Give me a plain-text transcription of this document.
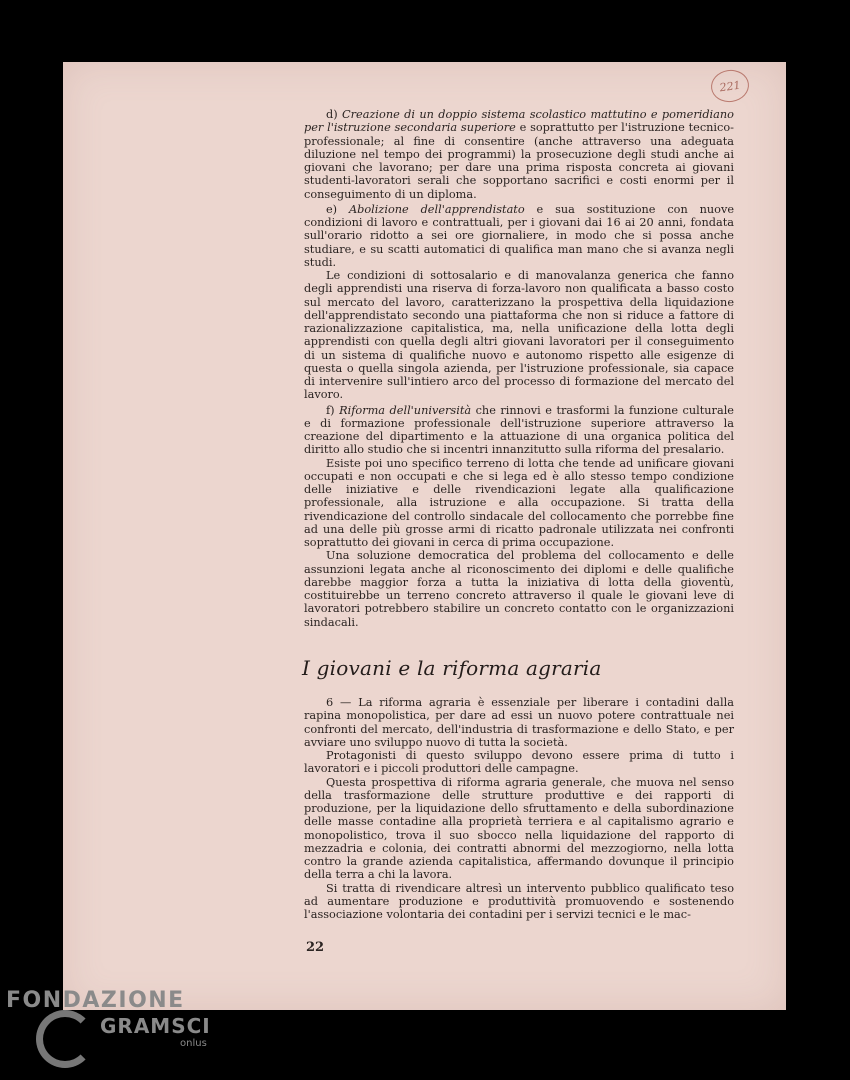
221

d) Creazione di un doppio sistema scolastico mattutino e pomeridiano per l'istruzione secondaria superiore e soprattutto per l'istruzione tecnico-professionale; al fine di consentire (anche attraverso una adeguata diluzione nel tempo dei programmi) la prosecuzione degli studi anche ai giovani che lavorano; per dare una prima risposta concreta ai giovani studenti-lavoratori serali che sopportano sacrifici e costi enormi per il conseguimento di un diploma.

e) Abolizione dell'apprendistato e sua sostituzione con nuove condizioni di lavoro e contrattuali, per i giovani dai 16 ai 20 anni, fondata sull'orario ridotto a sei ore giornaliere, in modo che si possa anche studiare, e su scatti automatici di qualifica man mano che si avanza negli studi.

Le condizioni di sottosalario e di manovalanza generica che fanno degli apprendisti una riserva di forza-lavoro non qualificata a basso costo sul mercato del lavoro, caratterizzano la prospettiva della liquidazione dell'apprendistato secondo una piattaforma che non si riduce a fattore di razionalizzazione capitalistica, ma, nella unificazione della lotta degli apprendisti con quella degli altri giovani lavoratori per il conseguimento di un sistema di qualifiche nuovo e autonomo rispetto alle esigenze di questa o quella singola azienda, per l'istruzione professionale, sia capace di intervenire sull'intiero arco del processo di formazione del mercato del lavoro.

f) Riforma dell'università che rinnovi e trasformi la funzione culturale e di formazione professionale dell'istruzione superiore attraverso la creazione del dipartimento e la attuazione di una organica politica del diritto allo studio che si incentri innanzitutto sulla riforma del presalario.

Esiste poi uno specifico terreno di lotta che tende ad unificare giovani occupati e non occupati e che si lega ed è allo stesso tempo condizione delle iniziative e delle rivendicazioni legate alla qualificazione professionale, alla istruzione e alla occupazione. Si tratta della rivendicazione del controllo sindacale del collocamento che porrebbe fine ad una delle più grosse armi di ricatto padronale utilizzata nei confronti soprattutto dei giovani in cerca di prima occupazione.

Una soluzione democratica del problema del collocamento e delle assunzioni legata anche al riconoscimento dei diplomi e delle qualifiche darebbe maggior forza a tutta la iniziativa di lotta della gioventù, costituirebbe un terreno concreto attraverso il quale le giovani leve di lavoratori potrebbero stabilire un concreto contatto con le organizzazioni sindacali.

I giovani e la riforma agraria

6 — La riforma agraria è essenziale per liberare i contadini dalla rapina monopolistica, per dare ad essi un nuovo potere contrattuale nei confronti del mercato, dell'industria di trasformazione e dello Stato, e per avviare uno sviluppo nuovo di tutta la società.

Protagonisti di questo sviluppo devono essere prima di tutto i lavoratori e i piccoli produttori delle campagne.

Questa prospettiva di riforma agraria generale, che muova nel senso della trasformazione delle strutture produttive e dei rapporti di produzione, per la liquidazione dello sfruttamento e della subordinazione delle masse contadine alla proprietà terriera e al capitalismo agrario e monopolistico, trova il suo sbocco nella liquidazione del rapporto di mezzadria e colonia, dei contratti abnormi del mezzogiorno, nella lotta contro la grande azienda capitalistica, affermando dovunque il principio della terra a chi la lavora.

Si tratta di rivendicare altresì un intervento pubblico qualificato teso ad aumentare produzione e produttività promuovendo e sostenendo l'associazione volontaria dei contadini per i servizi tecnici e le mac-

22
FONDAZIONE
GRAMSCI
onlus
